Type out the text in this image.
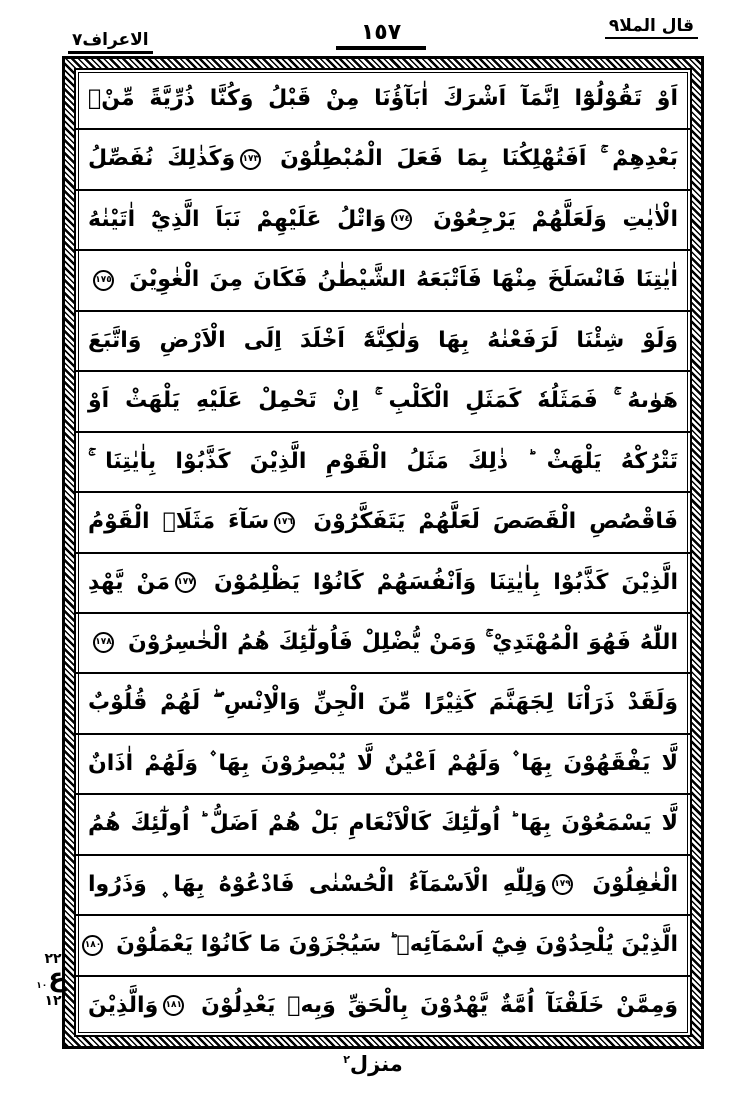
الاعراف٧	١٥٧	قال الملا٩
اَوْ تَقُوْلُوْٓا اِنَّمَآ اَشْرَكَ اٰبَآؤُنَا مِنْ قَبْلُ وَكُنَّا ذُرِّيَّةً مِّنْۢ
بَعْدِهِمْ ۚ اَفَتُهْلِكُنَا بِمَا فَعَلَ الْمُبْطِلُوْنَ ١٧٣وَكَذٰلِكَ نُفَصِّلُ
الْاٰيٰتِ وَلَعَلَّهُمْ يَرْجِعُوْنَ ١٧٤وَاتْلُ عَلَيْهِمْ نَبَاَ الَّذِيْٓ اٰتَيْنٰهُ
اٰيٰتِنَا فَانْسَلَخَ مِنْهَا فَاَتْبَعَهُ الشَّيْطٰنُ فَكَانَ مِنَ الْغٰوِيْنَ ١٧٥
وَلَوْ شِئْنَا لَرَفَعْنٰهُ بِهَا وَلٰكِنَّهٗٓ اَخْلَدَ اِلَى الْاَرْضِ وَاتَّبَعَ
هَوٰىهُ ۚ فَمَثَلُهٗ كَمَثَلِ الْكَلْبِ ۚ اِنْ تَحْمِلْ عَلَيْهِ يَلْهَثْ اَوْ
تَتْرُكْهُ يَلْهَثْ ؕ ذٰلِكَ مَثَلُ الْقَوْمِ الَّذِيْنَ كَذَّبُوْا بِاٰيٰتِنَا ۚ
فَاقْصُصِ الْقَصَصَ لَعَلَّهُمْ يَتَفَكَّرُوْنَ ١٧٦سَآءَ مَثَلَاۨ الْقَوْمُ
الَّذِيْنَ كَذَّبُوْا بِاٰيٰتِنَا وَاَنْفُسَهُمْ كَانُوْا يَظْلِمُوْنَ ١٧٧مَنْ يَّهْدِ
اللّٰهُ فَهُوَ الْمُهْتَدِيْ ۚ وَمَنْ يُّضْلِلْ فَاُولٰٓئِكَ هُمُ الْخٰسِرُوْنَ ١٧٨
وَلَقَدْ ذَرَاْنَا لِجَهَنَّمَ كَثِيْرًا مِّنَ الْجِنِّ وَالْاِنْسِ ۖ لَهُمْ قُلُوْبٌ
لَّا يَفْقَهُوْنَ بِهَا ۫ وَلَهُمْ اَعْيُنٌ لَّا يُبْصِرُوْنَ بِهَا ۫ وَلَهُمْ اٰذَانٌ
لَّا يَسْمَعُوْنَ بِهَا ؕ اُولٰٓئِكَ كَالْاَنْعَامِ بَلْ هُمْ اَضَلُّ ؕ اُولٰٓئِكَ هُمُ
الْغٰفِلُوْنَ ١٧٩وَلِلّٰهِ الْاَسْمَآءُ الْحُسْنٰى فَادْعُوْهُ بِهَا ۪ وَذَرُوا
الَّذِيْنَ يُلْحِدُوْنَ فِيْٓ اَسْمَآئِهٖ ؕ سَيُجْزَوْنَ مَا كَانُوْا يَعْمَلُوْنَ ١٨٠
وَمِمَّنْ خَلَقْنَآ اُمَّةٌ يَّهْدُوْنَ بِالْحَقِّ وَبِهٖ يَعْدِلُوْنَ ١٨١وَالَّذِيْنَ
٢٢
ع$_{١٠}$
١٢
منزل$^٢$
